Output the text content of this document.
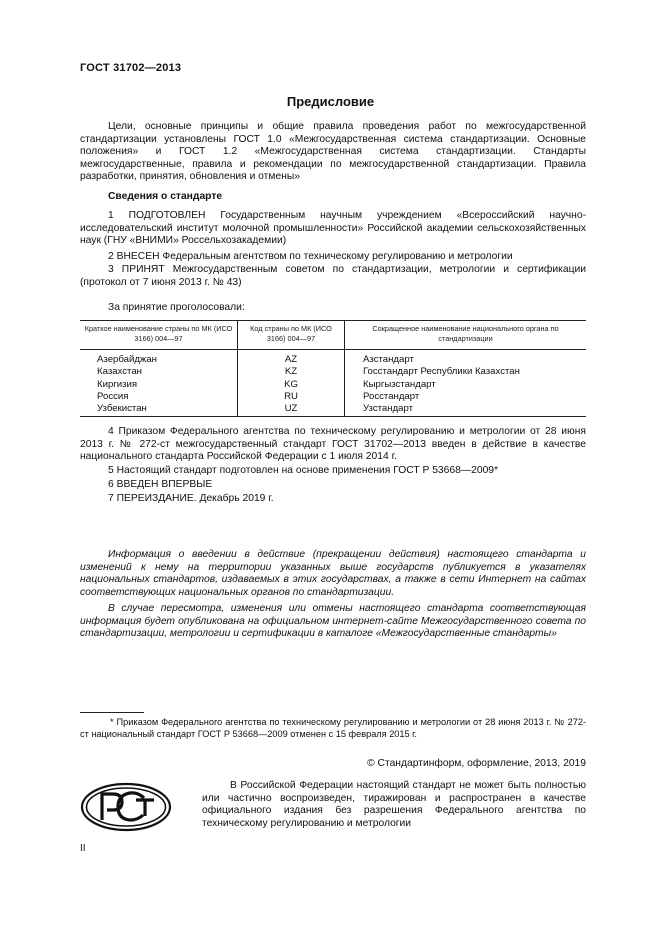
ГОСТ 31702—2013
Предисловие
Цели, основные принципы и общие правила проведения работ по межгосударственной стандартизации установлены ГОСТ 1.0 «Межгосударственная система стандартизации. Основные положения» и ГОСТ 1.2 «Межгосударственная система стандартизации. Стандарты межгосударственные, правила и рекомендации по межгосударственной стандартизации. Правила разработки, принятия, обновления и отмены»
Сведения о стандарте
1 ПОДГОТОВЛЕН Государственным научным учреждением «Всероссийский научно-исследовательский институт молочной промышленности» Российской академии сельскохозяйственных наук (ГНУ «ВНИМИ» Россельхозакадемии)
2 ВНЕСЕН Федеральным агентством по техническому регулированию и метрологии
3 ПРИНЯТ Межгосударственным советом по стандартизации, метрологии и сертификации (протокол от 7 июня 2013 г. № 43)
За принятие проголосовали:
Краткое наименование страны по МК (ИСО 3166) 004—97	Код страны по МК (ИСО 3166) 004—97	Сокращенное наименование национального органа по стандартизации
Азербайджан	AZ	Азстандарт
Казахстан	KZ	Госстандарт Республики Казахстан
Киргизия	KG	Кыргызстандарт
Россия	RU	Росстандарт
Узбекистан	UZ	Узстандарт
4 Приказом Федерального агентства по техническому регулированию и метрологии от 28 июня 2013 г. № 272-ст межгосударственный стандарт ГОСТ 31702—2013 введен в действие в качестве национального стандарта Российской Федерации с 1 июля 2014 г.
5 Настоящий стандарт подготовлен на основе применения ГОСТ Р 53668—2009*
6 ВВЕДЕН ВПЕРВЫЕ
7 ПЕРЕИЗДАНИЕ. Декабрь 2019 г.
Информация о введении в действие (прекращении действия) настоящего стандарта и изменений к нему на территории указанных выше государств публикуется в указателях национальных стандартов, издаваемых в этих государствах, а также в сети Интернет на сайтах соответствующих национальных органов по стандартизации.
В случае пересмотра, изменения или отмены настоящего стандарта соответствующая информация будет опубликована на официальном интернет-сайте Межгосударственного совета по стандартизации, метрологии и сертификации в каталоге «Межгосударственные стандарты»
* Приказом Федерального агентства по техническому регулированию и метрологии от 28 июня 2013 г. № 272-ст национальный стандарт ГОСТ Р 53668—2009 отменен с 15 февраля 2015 г.
© Стандартинформ, оформление, 2013, 2019
В Российской Федерации настоящий стандарт не может быть полностью или частично воспроизведен, тиражирован и распространен в качестве официального издания без разрешения Федерального агентства по техническому регулированию и метрологии
II
